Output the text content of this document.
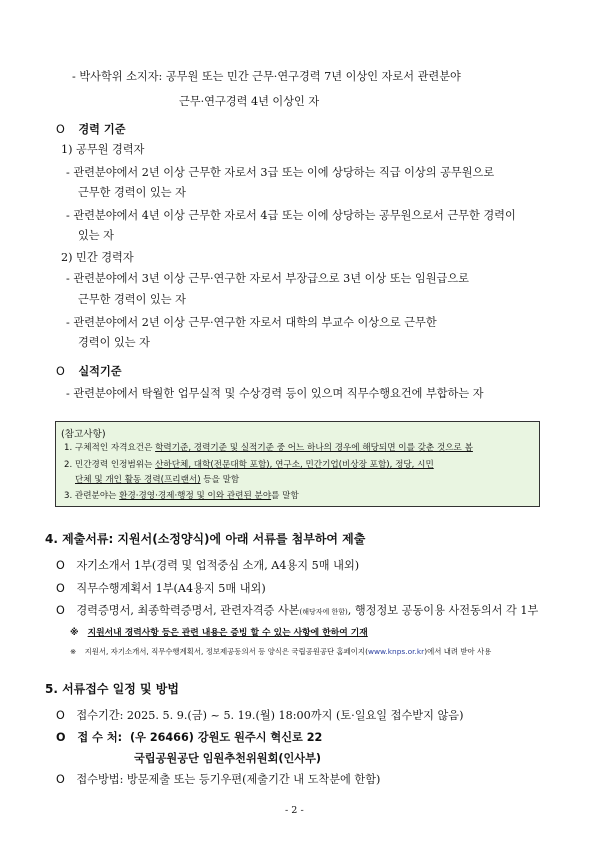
- 박사학위 소지자: 공무원 또는 민간 근무·연구경력 7년 이상인 자로서 관련분야
근무·연구경력 4년 이상인 자
O 경력 기준
1) 공무원 경력자
- 관련분야에서 2년 이상 근무한 자로서 3급 또는 이에 상당하는 직급 이상의 공무원으로
근무한 경력이 있는 자
- 관련분야에서 4년 이상 근무한 자로서 4급 또는 이에 상당하는 공무원으로서 근무한 경력이
있는 자
2) 민간 경력자
- 관련분야에서 3년 이상 근무·연구한 자로서 부장급으로 3년 이상 또는 임원급으로
근무한 경력이 있는 자
- 관련분야에서 2년 이상 근무·연구한 자로서 대학의 부교수 이상으로 근무한
경력이 있는 자
O 실적기준
- 관련분야에서 탁월한 업무실적 및 수상경력 등이 있으며 직무수행요건에 부합하는 자
(참고사항)
1. 구체적인 자격요건은 학력기준, 경력기준 및 실적기준 중 어느 하나의 경우에 해당되면 이를 갖춘 것으로 봄
2. 민간경력 인정범위는 산하단체, 대학(전문대학 포함), 연구소, 민간기업(비상장 포함), 정당, 시민
단체 및 개인 활동 경력(프리랜서) 등을 말함
3. 관련분야는 환경·경영·경제·행정 및 이와 관련된 분야를 말함
4. 제출서류: 지원서(소정양식)에 아래 서류를 첨부하여 제출
O 자기소개서 1부(경력 및 업적중심 소개, A4용지 5매 내외)
O 직무수행계획서 1부(A4용지 5매 내외)
O 경력증명서, 최종학력증명서, 관련자격증 사본(해당자에 한함), 행정정보 공동이용 사전동의서 각 1부
※ 지원서내 경력사항 등은 관련 내용은 증빙 할 수 있는 사항에 한하여 기재
※ 지원서, 자기소개서, 직무수행계획서, 정보제공동의서 등 양식은 국립공원공단 홈페이지(www.knps.or.kr)에서 내려 받아 사용
5. 서류접수 일정 및 방법
O 접수기간: 2025. 5. 9.(금) ~ 5. 19.(월) 18:00까지 (토·일요일 접수받지 않음)
O 접 수 처: (우 26466) 강원도 원주시 혁신로 22
국립공원공단 임원추천위원회(인사부)
O 접수방법: 방문제출 또는 등기우편(제출기간 내 도착분에 한함)
- 2 -
